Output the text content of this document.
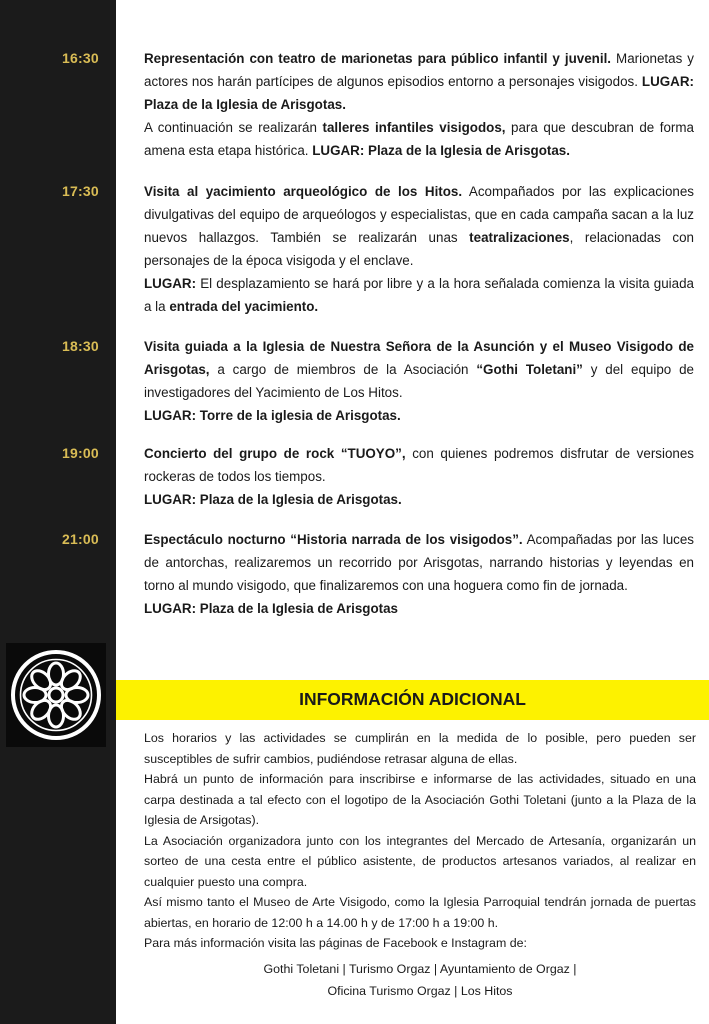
16:30	Representación con teatro de marionetas para público infantil y juvenil. Marionetas y actores nos harán partícipes de algunos episodios entorno a personajes visigodos. LUGAR: Plaza de la Iglesia de Arisgotas.

A continuación se realizarán talleres infantiles visigodos, para que descubran de forma amena esta etapa histórica. LUGAR: Plaza de la Iglesia de Arisgotas.

17:30	Visita al yacimiento arqueológico de los Hitos. Acompañados por las explicaciones divulgativas del equipo de arqueólogos y especialistas, que en cada campaña sacan a la luz nuevos hallazgos. También se realizarán unas teatralizaciones, relacionadas con personajes de la época visigoda y el enclave.

LUGAR: El desplazamiento se hará por libre y a la hora señalada comienza la visita guiada a la entrada del yacimiento.

18:30	Visita guiada a la Iglesia de Nuestra Señora de la Asunción y el Museo Visigodo de Arisgotas, a cargo de miembros de la Asociación “Gothi Toletani” y del equipo de investigadores del Yacimiento de Los Hitos.

LUGAR: Torre de la iglesia de Arisgotas.

19:00	Concierto del grupo de rock “TUOYO”, con quienes podremos disfrutar de versiones rockeras de todos los tiempos.

LUGAR: Plaza de la Iglesia de Arisgotas.

21:00	Espectáculo nocturno “Historia narrada de los visigodos”. Acompañadas por las luces de antorchas, realizaremos un recorrido por Arisgotas, narrando historias y leyendas en torno al mundo visigodo, que finalizaremos con una hoguera como fin de jornada.

LUGAR: Plaza de la Iglesia de Arisgotas

INFORMACIÓN ADICIONAL

Los horarios y las actividades se cumplirán en la medida de lo posible, pero pueden ser susceptibles de sufrir cambios, pudiéndose retrasar alguna de ellas.

Habrá un punto de información para inscribirse e informarse de las actividades, situado en una carpa destinada a tal efecto con el logotipo de la Asociación Gothi Toletani (junto a la Plaza de la Iglesia de Arsigotas).

La Asociación organizadora junto con los integrantes del Mercado de Artesanía, organizarán un sorteo de una cesta entre el público asistente, de productos artesanos variados, al realizar en cualquier puesto una compra.

Así mismo tanto el Museo de Arte Visigodo, como la Iglesia Parroquial tendrán jornada de puertas abiertas, en horario de 12:00 h a 14.00 h y de 17:00 h a 19:00 h.

Para más información visita las páginas de Facebook e Instagram de:

Gothi Toletani | Turismo Orgaz | Ayuntamiento de Orgaz |
Oficina Turismo Orgaz | Los Hitos
